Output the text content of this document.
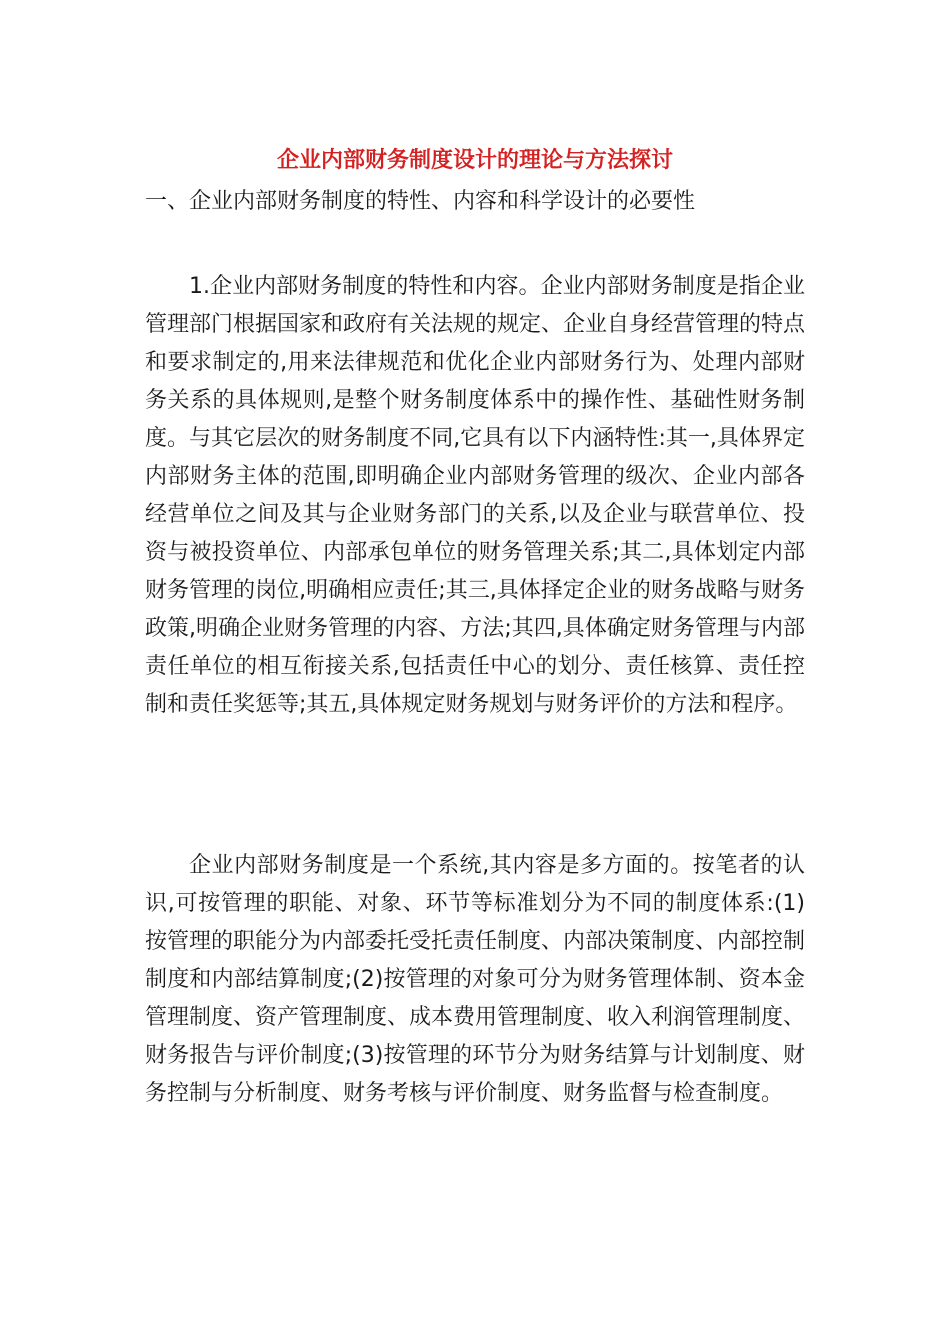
企业内部财务制度设计的理论与方法探讨
一、企业内部财务制度的特性、内容和科学设计的必要性

1.企业内部财务制度的特性和内容。企业内部财务制度是指企业管理部门根据国家和政府有关法规的规定、企业自身经营管理的特点和要求制定的,用来法律规范和优化企业内部财务行为、处理内部财务关系的具体规则,是整个财务制度体系中的操作性、基础性财务制度。与其它层次的财务制度不同,它具有以下内涵特性:其一,具体界定内部财务主体的范围,即明确企业内部财务管理的级次、企业内部各经营单位之间及其与企业财务部门的关系,以及企业与联营单位、投资与被投资单位、内部承包单位的财务管理关系;其二,具体划定内部财务管理的岗位,明确相应责任;其三,具体择定企业的财务战略与财务政策,明确企业财务管理的内容、方法;其四,具体确定财务管理与内部责任单位的相互衔接关系,包括责任中心的划分、责任核算、责任控制和责任奖惩等;其五,具体规定财务规划与财务评价的方法和程序。

企业内部财务制度是一个系统,其内容是多方面的。按笔者的认识,可按管理的职能、对象、环节等标准划分为不同的制度体系:(1)按管理的职能分为内部委托受托责任制度、内部决策制度、内部控制制度和内部结算制度;(2)按管理的对象可分为财务管理体制、资本金管理制度、资产管理制度、成本费用管理制度、收入利润管理制度、财务报告与评价制度;(3)按管理的环节分为财务结算与计划制度、财务控制与分析制度、财务考核与评价制度、财务监督与检查制度。
